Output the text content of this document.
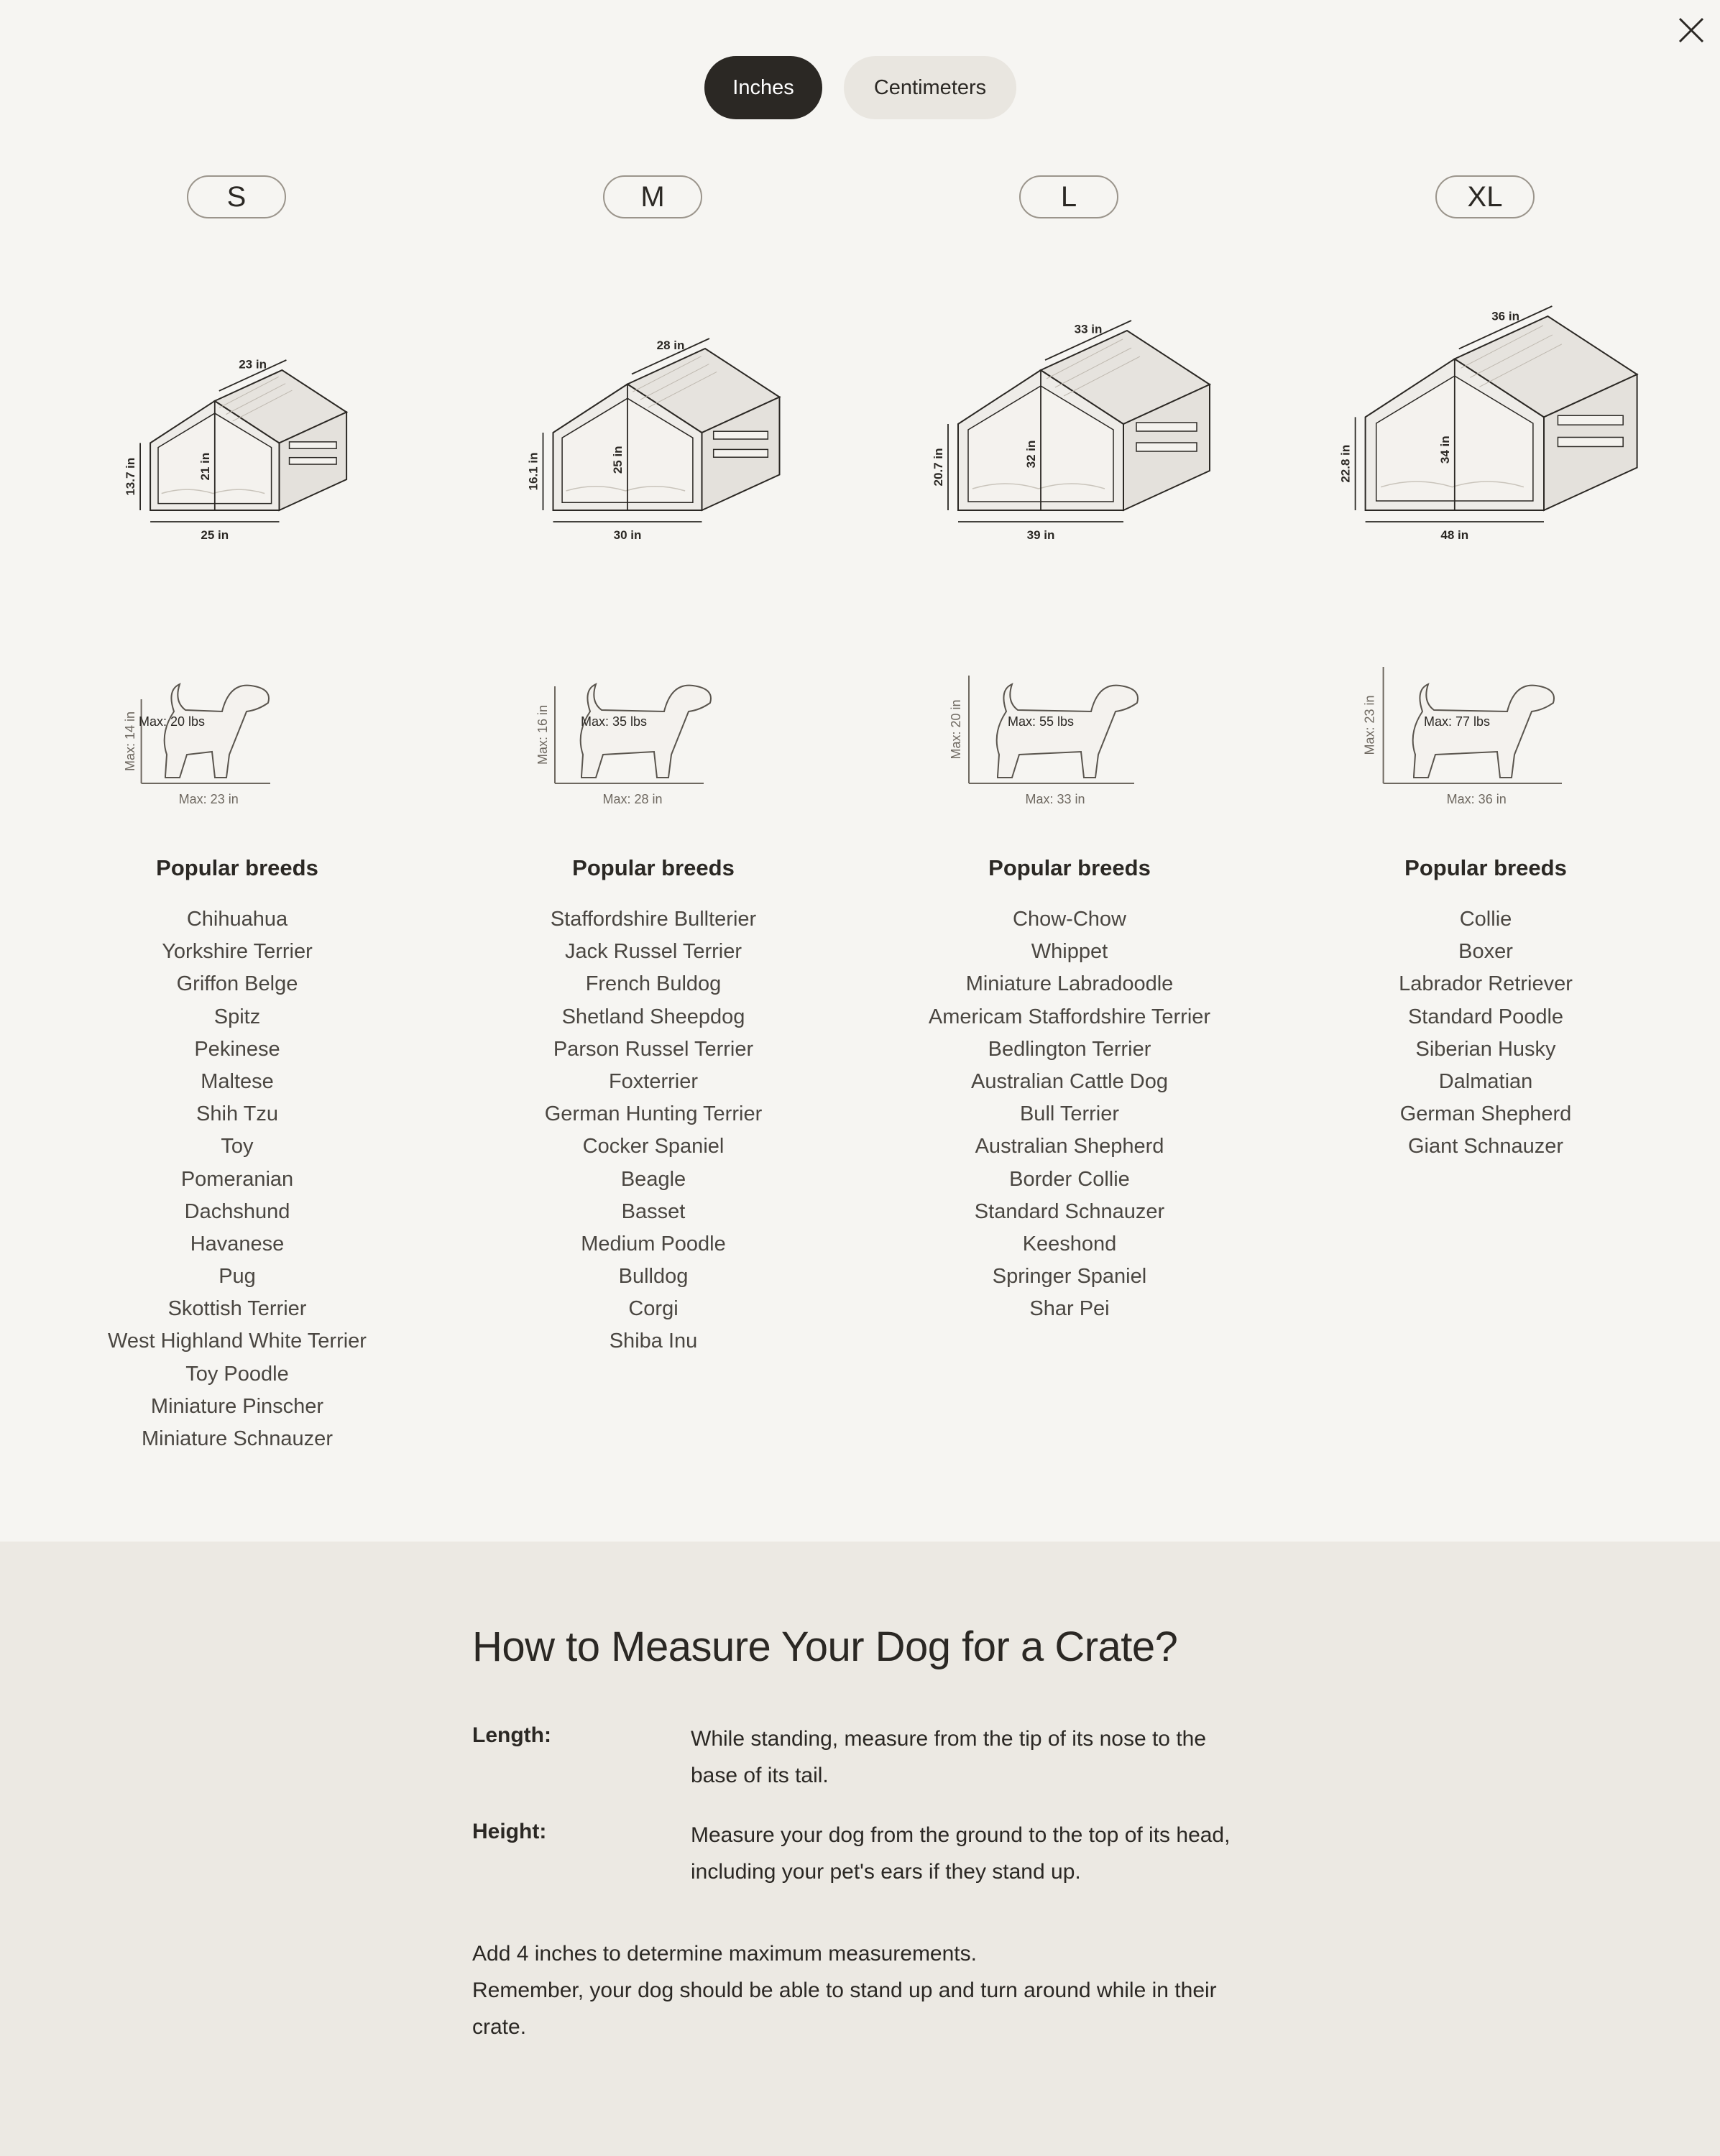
Inches	Centimeters
S
13.7 in
25 in
21 in
23 in
Max: 14 in
Max: 23 in
Max: 20 lbs
Popular breeds
Chihuahua
Yorkshire Terrier
Griffon Belge
Spitz
Pekinese
Maltese
Shih Tzu
Toy
Pomeranian
Dachshund
Havanese
Pug
Skottish Terrier
West Highland White Terrier
Toy Poodle
Miniature Pinscher
Miniature Schnauzer
M
16.1 in
30 in
25 in
28 in
Max: 16 in
Max: 28 in
Max: 35 lbs
Popular breeds
Staffordshire Bullterier
Jack Russel Terrier
French Buldog
Shetland Sheepdog
Parson Russel Terrier
Foxterrier
German Hunting Terrier
Cocker Spaniel
Beagle
Basset
Medium Poodle
Bulldog
Corgi
Shiba Inu
L
20.7 in
39 in
32 in
33 in
Max: 20 in
Max: 33 in
Max: 55 lbs
Popular breeds
Chow-Chow
Whippet
Miniature Labradoodle
Americam Staffordshire Terrier
Bedlington Terrier
Australian Cattle Dog
Bull Terrier
Australian Shepherd
Border Collie
Standard Schnauzer
Keeshond
Springer Spaniel
Shar Pei
XL
22.8 in
48 in
34 in
36 in
Max: 23 in
Max: 36 in
Max: 77 lbs
Popular breeds
Collie
Boxer
Labrador Retriever
Standard Poodle
Siberian Husky
Dalmatian
German Shepherd
Giant Schnauzer
How to Measure Your Dog for a Crate?
Length:	While standing, measure from the tip of its nose to the base of its tail.
Height:	Measure your dog from the ground to the top of its head, including your pet's ears if they stand up.
Add 4 inches to determine maximum measurements.
Remember, your dog should be able to stand up and turn around while in their crate.
